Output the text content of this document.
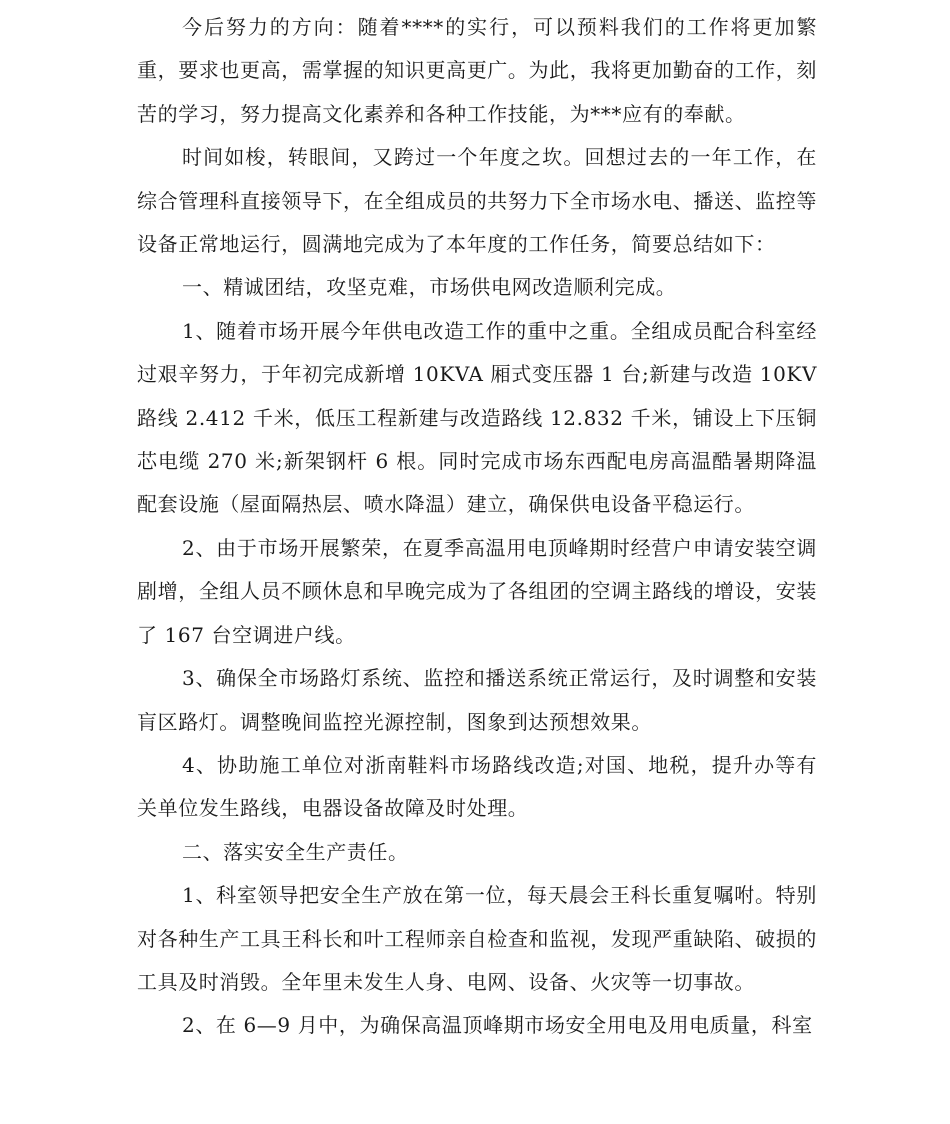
今后努力的方向：随着****的实行，可以预料我们的工作将更加繁重，要求也更高，需掌握的知识更高更广。为此，我将更加勤奋的工作，刻苦的学习，努力提高文化素养和各种工作技能，为***应有的奉献。

时间如梭，转眼间，又跨过一个年度之坎。回想过去的一年工作，在综合管理科直接领导下，在全组成员的共努力下全市场水电、播送、监控等设备正常地运行，圆满地完成为了本年度的工作任务，简要总结如下：

一、精诚团结，攻坚克难，市场供电网改造顺利完成。

1、随着市场开展今年供电改造工作的重中之重。全组成员配合科室经过艰辛努力，于年初完成新增 10KVA 厢式变压器 1 台;新建与改造 10KV 路线 2.412 千米，低压工程新建与改造路线 12.832 千米，铺设上下压铜芯电缆 270 米;新架钢杆 6 根。同时完成市场东西配电房高温酷暑期降温配套设施（屋面隔热层、喷水降温）建立，确保供电设备平稳运行。

2、由于市场开展繁荣，在夏季高温用电顶峰期时经营户申请安装空调剧增，全组人员不顾休息和早晚完成为了各组团的空调主路线的增设，安装了 167 台空调进户线。

3、确保全市场路灯系统、监控和播送系统正常运行，及时调整和安装肓区路灯。调整晚间监控光源控制，图象到达预想效果。

4、协助施工单位对浙南鞋料市场路线改造;对国、地税，提升办等有关单位发生路线，电器设备故障及时处理。

二、落实安全生产责任。

1、科室领导把安全生产放在第一位，每天晨会王科长重复嘱咐。特别对各种生产工具王科长和叶工程师亲自检查和监视，发现严重缺陷、破损的工具及时消毁。全年里未发生人身、电网、设备、火灾等一切事故。

2、在 6—9 月中，为确保高温顶峰期市场安全用电及用电质量，科室
